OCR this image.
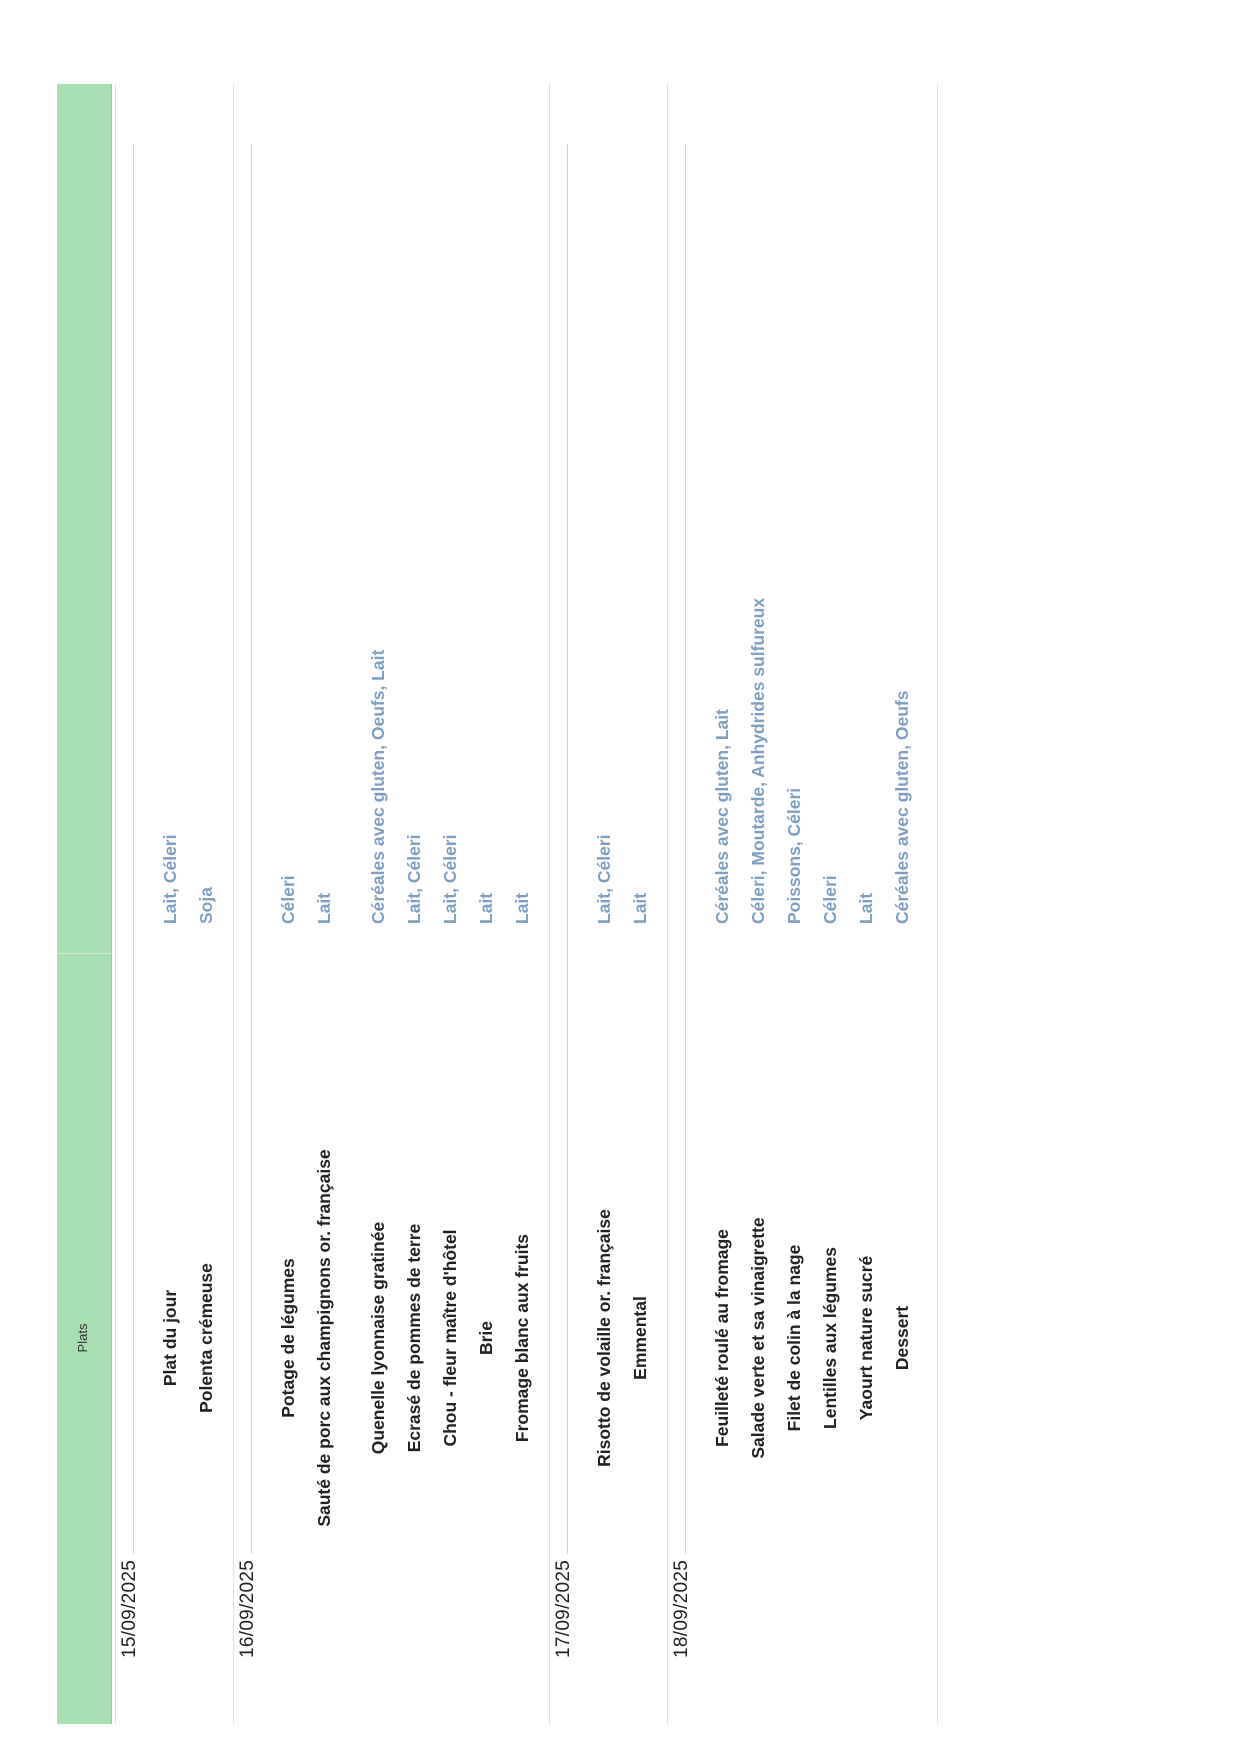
Plats
15/09/2025
Plat du jour
Lait, Céleri
Polenta crémeuse
Soja
16/09/2025
Potage de légumes
Céleri
Sauté de porc aux champignons or. française
Lait
Quenelle lyonnaise gratinée
Céréales avec gluten, Oeufs, Lait
Ecrasé de pommes de terre
Lait, Céleri
Chou - fleur maître d'hôtel
Lait, Céleri
Brie
Lait
Fromage blanc aux fruits
Lait
17/09/2025
Risotto de volaille or. française
Lait, Céleri
Emmental
Lait
18/09/2025
Feuilleté roulé au fromage
Céréales avec gluten, Lait
Salade verte et sa vinaigrette
Céleri, Moutarde, Anhydrides sulfureux
Filet de colin à la nage
Poissons, Céleri
Lentilles aux légumes
Céleri
Yaourt nature sucré
Lait
Dessert
Céréales avec gluten, Oeufs
